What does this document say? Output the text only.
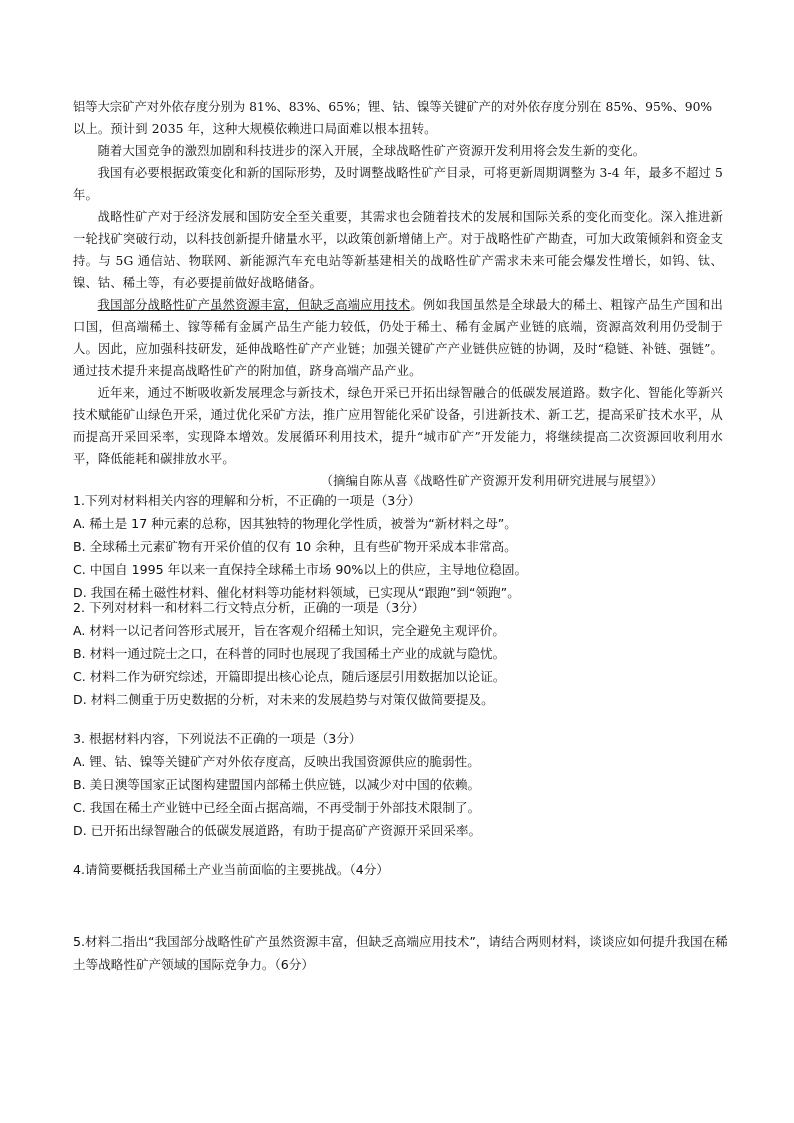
铝等大宗矿产对外依存度分别为 81%、83%、65%；锂、钴、镍等关键矿产的对外依存度分别在 85%、95%、90%

以上。预计到 2035 年，这种大规模依赖进口局面难以根本扭转。

随着大国竞争的激烈加剧和科技进步的深入开展，全球战略性矿产资源开发利用将会发生新的变化。

我国有必要根据政策变化和新的国际形势，及时调整战略性矿产目录，可将更新周期调整为 3-4 年，最多不超过 5 年。

战略性矿产对于经济发展和国防安全至关重要，其需求也会随着技术的发展和国际关系的变化而变化。深入推进新一轮找矿突破行动，以科技创新提升储量水平，以政策创新增储上产。对于战略性矿产勘查，可加大政策倾斜和资金支持。与 5G 通信站、物联网、新能源汽车充电站等新基建相关的战略性矿产需求未来可能会爆发性增长，如钨、钛、镍、钴、稀土等，有必要提前做好战略储备。

我国部分战略性矿产虽然资源丰富，但缺乏高端应用技术。例如我国虽然是全球最大的稀土、粗镓产品生产国和出口国，但高端稀土、镓等稀有金属产品生产能力较低，仍处于稀土、稀有金属产业链的底端，资源高效利用仍受制于人。因此，应加强科技研发，延伸战略性矿产产业链；加强关键矿产产业链供应链的协调，及时“稳链、补链、强链”。通过技术提升来提高战略性矿产的附加值，跻身高端产品产业。

近年来，通过不断吸收新发展理念与新技术，绿色开采已开拓出绿智融合的低碳发展道路。数字化、智能化等新兴技术赋能矿山绿色开采，通过优化采矿方法，推广应用智能化采矿设备，引进新技术、新工艺，提高采矿技术水平，从而提高开采回采率，实现降本增效。发展循环利用技术，提升“城市矿产”开发能力，将继续提高二次资源回收利用水平，降低能耗和碳排放水平。

（摘编自陈从喜《战略性矿产资源开发利用研究进展与展望》）

1.下列对材料相关内容的理解和分析，不正确的一项是（3分）
A. 稀土是 17 种元素的总称，因其独特的物理化学性质，被誉为“新材料之母”。
B. 全球稀土元素矿物有开采价值的仅有 10 余种，且有些矿物开采成本非常高。
C. 中国自 1995 年以来一直保持全球稀土市场 90%以上的供应，主导地位稳固。
D. 我国在稀土磁性材料、催化材料等功能材料领域，已实现从“跟跑”到“领跑”。
2. 下列对材料一和材料二行文特点分析，正确的一项是（3分）
A. 材料一以记者问答形式展开，旨在客观介绍稀土知识，完全避免主观评价。
B. 材料一通过院士之口，在科普的同时也展现了我国稀土产业的成就与隐忧。
C. 材料二作为研究综述，开篇即提出核心论点，随后逐层引用数据加以论证。
D. 材料二侧重于历史数据的分析，对未来的发展趋势与对策仅做简要提及。
3. 根据材料内容，下列说法不正确的一项是（3分）
A. 锂、钴、镍等关键矿产对外依存度高，反映出我国资源供应的脆弱性。
B. 美日澳等国家正试图构建盟国内部稀土供应链，以减少对中国的依赖。
C. 我国在稀土产业链中已经全面占据高端，不再受制于外部技术限制了。
D. 已开拓出绿智融合的低碳发展道路，有助于提高矿产资源开采回采率。
4.请简要概括我国稀土产业当前面临的主要挑战。（4分）
5.材料二指出“我国部分战略性矿产虽然资源丰富，但缺乏高端应用技术”，请结合两则材料，谈谈应如何提升我国在稀土等战略性矿产领域的国际竞争力。（6分）
